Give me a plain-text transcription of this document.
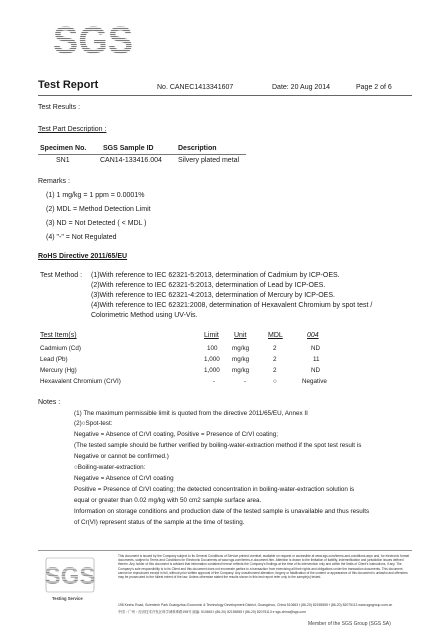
SGS
Test Report	No. CANEC1413341607	Date: 20 Aug 2014	Page 2 of 6
Test Results :
Test Part Description :
Specimen No. SGS Sample ID	Description
SN1	CAN14-133416.004 Silvery plated metal
Remarks :
(1) 1 mg/kg = 1 ppm = 0.0001%
(2) MDL = Method Detection Limit
(3) ND = Not Detected ( < MDL )
(4) "-" = Not Regulated
RoHS Directive 2011/65/EU
Test Method : (1)With reference to IEC 62321-5:2013, determination of Cadmium by ICP-OES.
(2)With reference to IEC 62321-5:2013, determination of Lead by ICP-OES.
(3)With reference to IEC 62321-4:2013, determination of Mercury by ICP-OES.
(4)With reference to IEC 62321:2008, determination of Hexavalent Chromium by spot test /
Colorimetric Method using UV-Vis.
Test Item(s)	Limit Unit	MDL	004
Cadmium (Cd)	100 mg/kg	2	ND
Lead (Pb)	1,000 mg/kg	2	11
Mercury (Hg)	1,000 mg/kg	2	ND
Hexavalent Chromium (CrVI)	-	-	○	Negative
Notes :
(1) The maximum permissible limit is quoted from the directive 2011/65/EU, Annex II
(2)○Spot-test:
Negative = Absence of CrVI coating, Positive = Presence of CrVI coating;
(The tested sample should be further verified by boiling-water-extraction method if the spot test result is
Negative or cannot be confirmed.)
○Boiling-water-extraction:
Negative = Absence of CrVI coating
Positive = Presence of CrVI coating; the detected concentration in boiling-water-extraction solution is
equal or greater than 0.02 mg/kg with 50 cm2 sample surface area.
Information on storage conditions and production date of the tested sample is unavailable and thus results
of Cr(VI) represent status of the sample at the time of testing.
SGS
Testing Service
This document is issued by the Company subject to its General Conditions of Service printed overleaf, available on request or accessible at www.sgs.com/terms-and-conditions.aspx and, for electronic format documents, subject to Terms and Conditions for Electronic Documents at www.sgs.com/terms-e-document.htm. Attention is drawn to the limitation of liability, indemnification and jurisdiction issues defined therein. Any holder of this document is advised that information contained hereon reflects the Company's findings at the time of its intervention only and within the limits of Client's instructions, if any. The Company's sole responsibility is to its Client and this document does not exonerate parties to a transaction from exercising all their rights and obligations under the transaction documents. This document cannot be reproduced except in full, without prior written approval of the Company. Any unauthorized alteration, forgery or falsification of the content or appearance of this document is unlawful and offenders may be prosecuted to the fullest extent of the law. Unless otherwise stated the results shown in this test report refer only to the sample(s) tested.
198 Kezhu Road, Scientech Park Guangzhou Economic & Technology Development District, Guangzhou, China 510663 t (86-20) 82155555 f (86-20) 82075113 www.sgsgroup.com.cn
中国・广州・经济技术开发区科学城科珠路198号 邮编: 510663 t (86-20) 82155555 f (86-20) 82075113 e sgs.china@sgs.com
Member of the SGS Group (SGS SA)
